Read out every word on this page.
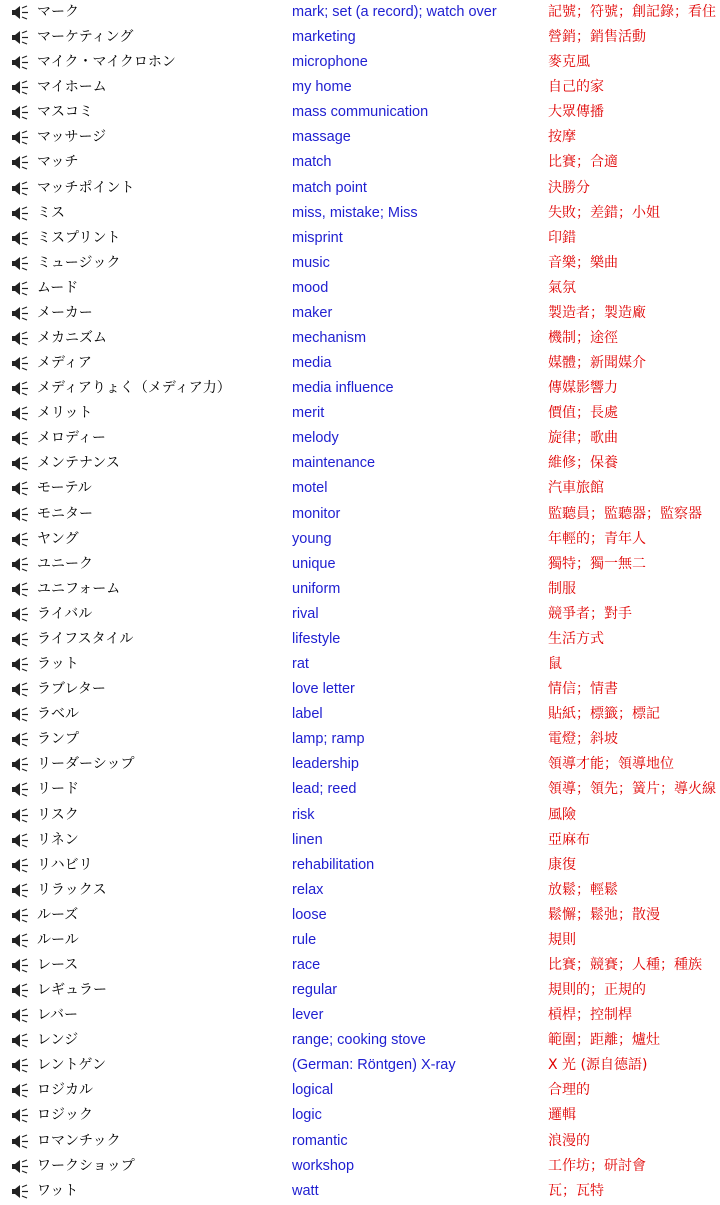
マーク	mark; set (a record); watch over	記號；符號；創記錄；看住
マーケティング	marketing	營銷；銷售活動
マイク・マイクロホン	microphone	麥克風
マイホーム	my home	自己的家
マスコミ	mass communication	大眾傳播
マッサージ	massage	按摩
マッチ	match	比賽；合適
マッチポイント	match point	決勝分
ミス	miss, mistake; Miss	失敗；差錯；小姐
ミスプリント	misprint	印錯
ミュージック	music	音樂；樂曲
ムード	mood	氣氛
メーカー	maker	製造者；製造廠
メカニズム	mechanism	機制；途徑
メディア	media	媒體；新聞媒介
メディアりょく（メディア力）	media influence	傳媒影響力
メリット	merit	價值；長處
メロディー	melody	旋律；歌曲
メンテナンス	maintenance	維修；保養
モーテル	motel	汽車旅館
モニター	monitor	監聽員；監聽器；監察器
ヤング	young	年輕的；青年人
ユニーク	unique	獨特；獨一無二
ユニフォーム	uniform	制服
ライバル	rival	競爭者；對手
ライフスタイル	lifestyle	生活方式
ラット	rat	鼠
ラブレター	love letter	情信；情書
ラベル	label	貼紙；標籤；標記
ランプ	lamp; ramp	電燈；斜坡
リーダーシップ	leadership	領導才能；領導地位
リード	lead; reed	領導；領先；簧片；導火線
リスク	risk	風險
リネン	linen	亞麻布
リハビリ	rehabilitation	康復
リラックス	relax	放鬆；輕鬆
ルーズ	loose	鬆懈；鬆弛；散漫
ルール	rule	規則
レース	race	比賽；競賽；人種；種族
レギュラー	regular	規則的；正規的
レバー	lever	槓桿；控制桿
レンジ	range; cooking stove	範圍；距離；爐灶
レントゲン	(German: Röntgen) X-ray	X 光 (源自德語)
ロジカル	logical	合理的
ロジック	logic	邏輯
ロマンチック	romantic	浪漫的
ワークショップ	workshop	工作坊；研討會
ワット	watt	瓦；瓦特
